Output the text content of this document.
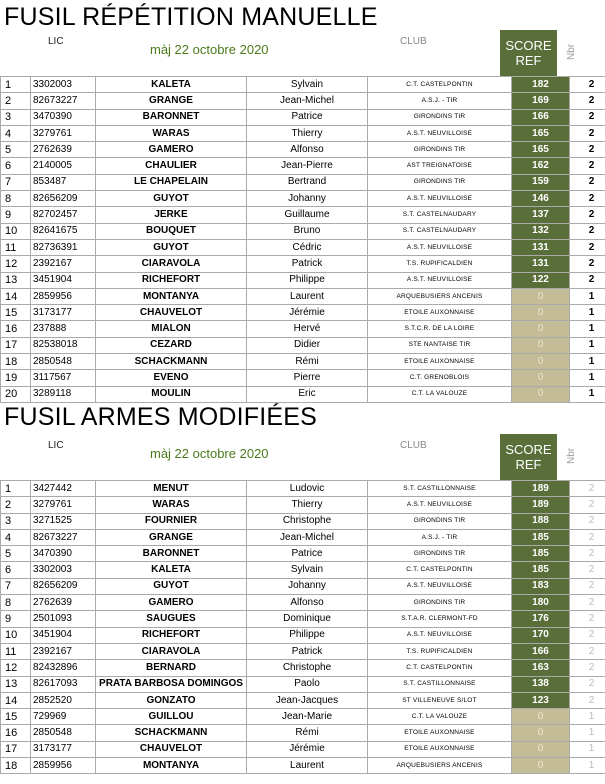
FUSIL RÉPÉTITION MANUELLE
LIC
màj 22 octobre 2020
CLUB	SCORE
REF
Nbr
1	3302003	KALETA	Sylvain	C.T. CASTELPONTIN	182	2
2	82673227	GRANGE	Jean-Michel	A.S.J. - TIR	169	2
3	3470390	BARONNET	Patrice	GIRONDINS TIR	166	2
4	3279761	WARAS	Thierry	A.S.T. NEUVILLOISE	165	2
5	2762639	GAMERO	Alfonso	GIRONDINS TIR	165	2
6	2140005	CHAULIER	Jean-Pierre	AST TREIGNATOISE	162	2
7	853487	LE CHAPELAIN	Bertrand	GIRONDINS TIR	159	2
8	82656209	GUYOT	Johanny	A.S.T. NEUVILLOISE	146	2
9	82702457	JERKE	Guillaume	S.T. CASTELNAUDARY	137	2
10	82641675	BOUQUET	Bruno	S.T. CASTELNAUDARY	132	2
11	82736391	GUYOT	Cédric	A.S.T. NEUVILLOISE	131	2
12	2392167	CIARAVOLA	Patrick	T.S. RUPIFICALDIEN	131	2
13	3451904	RICHEFORT	Philippe	A.S.T. NEUVILLOISE	122	2
14	2859956	MONTANYA	Laurent	ARQUEBUSIERS ANCENIS	0	1
15	3173177	CHAUVELOT	Jérémie	ETOILE AUXONNAISE	0	1
16	237888	MIALON	Hervé	S.T.C.R. DE LA LOIRE	0	1
17	82538018	CEZARD	Didier	STE NANTAISE TIR	0	1
18	2850548	SCHACKMANN	Rémi	ETOILE AUXONNAISE	0	1
19	3117567	EVENO	Pierre	C.T. GRENOBLOIS	0	1
20	3289118	MOULIN	Eric	C.T. LA VALOUZE	0	1
FUSIL ARMES MODIFIÉES
LIC
màj 22 octobre 2020
CLUB	SCORE
REF
Nbr
1	3427442	MENUT	Ludovic	S.T. CASTILLONNAISE	189	2
2	3279761	WARAS	Thierry	A.S.T. NEUVILLOISE	189	2
3	3271525	FOURNIER	Christophe	GIRONDINS TIR	188	2
4	82673227	GRANGE	Jean-Michel	A.S.J. - TIR	185	2
5	3470390	BARONNET	Patrice	GIRONDINS TIR	185	2
6	3302003	KALETA	Sylvain	C.T. CASTELPONTIN	185	2
7	82656209	GUYOT	Johanny	A.S.T. NEUVILLOISE	183	2
8	2762639	GAMERO	Alfonso	GIRONDINS TIR	180	2
9	2501093	SAUGUES	Dominique	S.T.A.R. CLERMONT-FD	176	2
10	3451904	RICHEFORT	Philippe	A.S.T. NEUVILLOISE	170	2
11	2392167	CIARAVOLA	Patrick	T.S. RUPIFICALDIEN	166	2
12	82432896	BERNARD	Christophe	C.T. CASTELPONTIN	163	2
13	82617093	PRATA BARBOSA DOMINGOS	Paolo	S.T. CASTILLONNAISE	138	2
14	2852520	GONZATO	Jean-Jacques	ST VILLENEUVE S/LOT	123	2
15	729969	GUILLOU	Jean-Marie	C.T. LA VALOUZE	0	1
16	2850548	SCHACKMANN	Rémi	ETOILE AUXONNAISE	0	1
17	3173177	CHAUVELOT	Jérémie	ETOILE AUXONNAISE	0	1
18	2859956	MONTANYA	Laurent	ARQUEBUSIERS ANCENIS	0	1
